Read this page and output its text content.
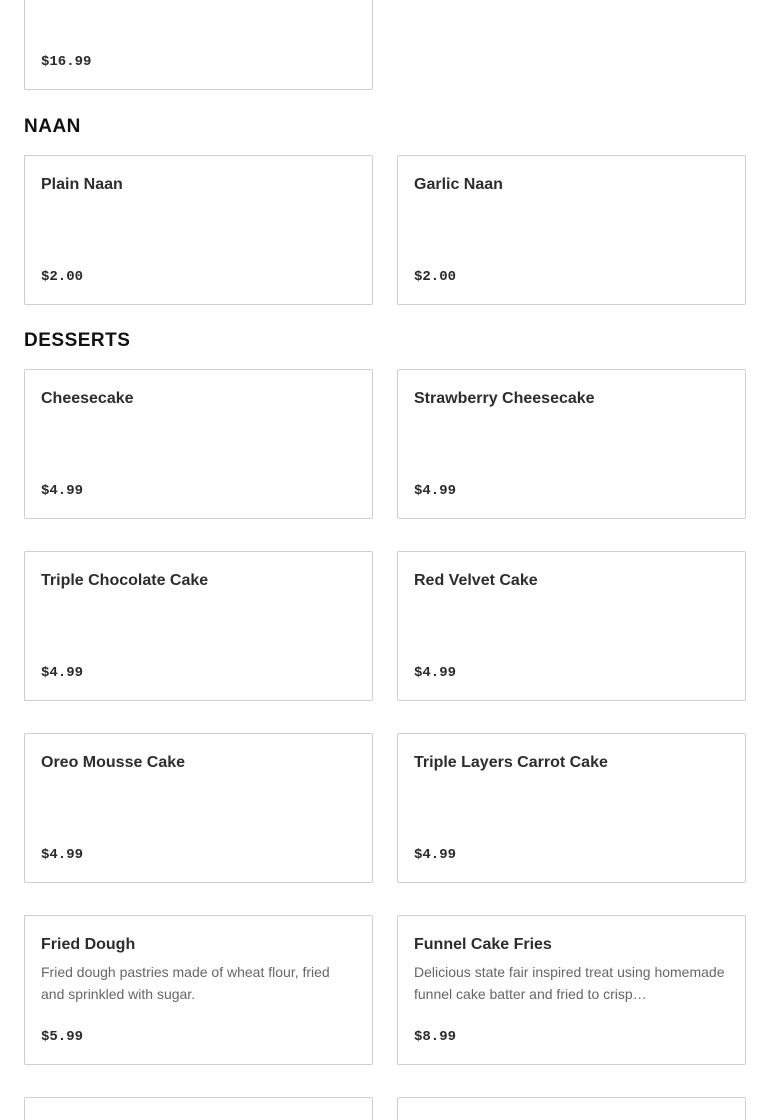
$16.99
NAAN
Plain Naan
$2.00
Garlic Naan
$2.00
DESSERTS
Cheesecake
$4.99
Strawberry Cheesecake
$4.99
Triple Chocolate Cake
$4.99
Red Velvet Cake
$4.99
Oreo Mousse Cake
$4.99
Triple Layers Carrot Cake
$4.99
Fried Dough
Fried dough pastries made of wheat flour, fried and sprinkled with sugar.
$5.99
Funnel Cake Fries
Delicious state fair inspired treat using homemade funnel cake batter and fried to crisp…
$8.99
